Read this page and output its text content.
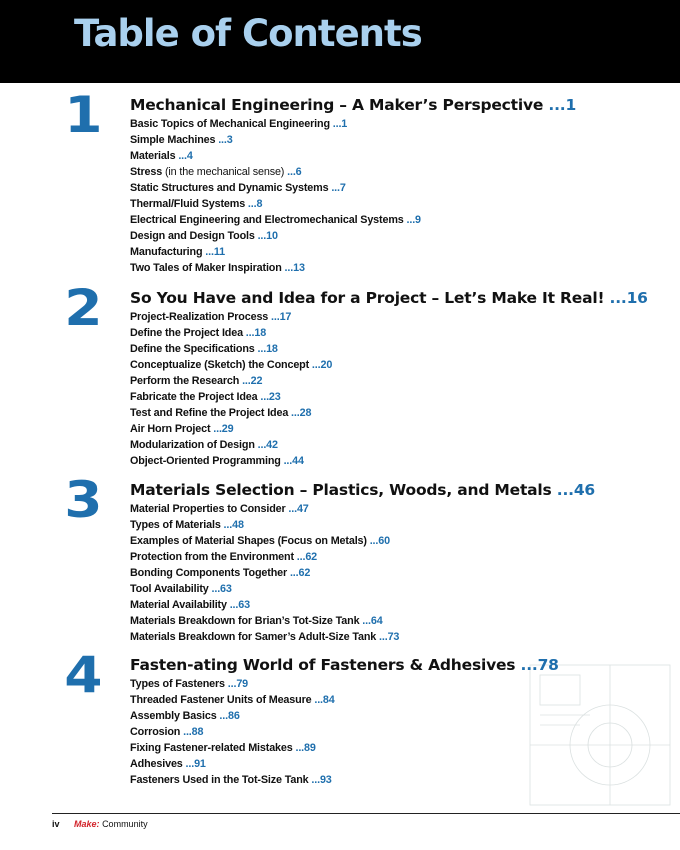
Table of Contents
1 Mechanical Engineering – A Maker’s Perspective ...1
Basic Topics of Mechanical Engineering ...1
Simple Machines ...3
Materials ...4
Stress (in the mechanical sense) ...6
Static Structures and Dynamic Systems ...7
Thermal/Fluid Systems ...8
Electrical Engineering and Electromechanical Systems ...9
Design and Design Tools ...10
Manufacturing ...11
Two Tales of Maker Inspiration ...13
2 So You Have and Idea for a Project – Let’s Make It Real! ...16
Project-Realization Process ...17
Define the Project Idea ...18
Define the Specifications ...18
Conceptualize (Sketch) the Concept ...20
Perform the Research ...22
Fabricate the Project Idea ...23
Test and Refine the Project Idea ...28
Air Horn Project ...29
Modularization of Design ...42
Object-Oriented Programming ...44
3 Materials Selection – Plastics, Woods, and Metals ...46
Material Properties to Consider ...47
Types of Materials ...48
Examples of Material Shapes (Focus on Metals) ...60
Protection from the Environment ...62
Bonding Components Together ...62
Tool Availability ...63
Material Availability ...63
Materials Breakdown for Brian’s Tot-Size Tank ...64
Materials Breakdown for Samer’s Adult-Size Tank ...73
4 Fasten-ating World of Fasteners & Adhesives ...78
Types of Fasteners ...79
Threaded Fastener Units of Measure ...84
Assembly Basics ...86
Corrosion ...88
Fixing Fastener-related Mistakes ...89
Adhesives ...91
Fasteners Used in the Tot-Size Tank ...93
iv Make: Community
